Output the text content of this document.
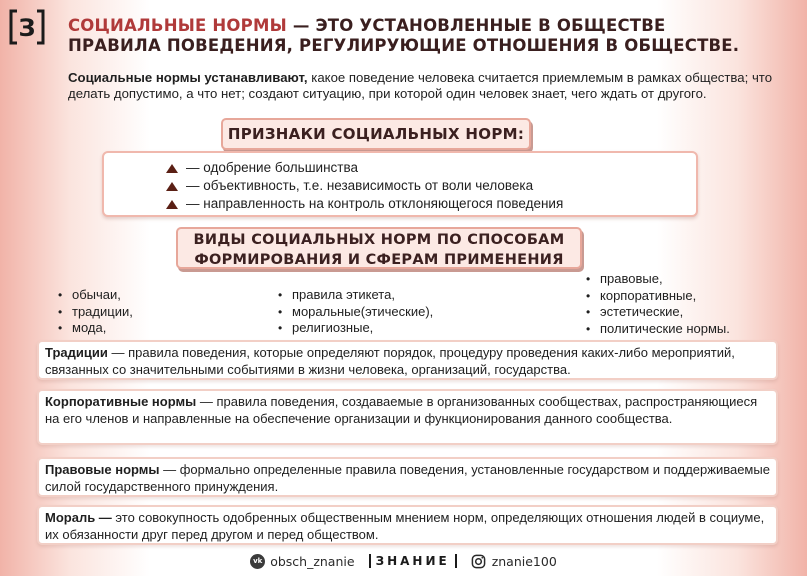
З СОЦИАЛЬНЫЕ НОРМЫ — ЭТО УСТАНОВЛЕННЫЕ В ОБЩЕСТВЕ ПРАВИЛА ПОВЕДЕНИЯ, РЕГУЛИРУЮЩИЕ ОТНОШЕНИЯ В ОБЩЕСТВЕ.
Социальные нормы устанавливают, какое поведение человека считается приемлемым в рамках общества; что делать допустимо, а что нет; создают ситуацию, при которой один человек знает, чего ждать от другого.
ПРИЗНАКИ СОЦИАЛЬНЫХ НОРМ:
— одобрение большинства
— объективность, т.е. независимость от воли человека
— направленность на контроль отклоняющегося поведения
ВИДЫ СОЦИАЛЬНЫХ НОРМ ПО СПОСОБАМ
ФОРМИРОВАНИЯ И СФЕРАМ ПРИМЕНЕНИЯ
• обычаи,
• традиции,
• мода,
• правила этикета,
• моральные(этические),
• религиозные,
• правовые,
• корпоративные,
• эстетические,
• политические нормы.
Традиции — правила поведения, которые определяют порядок, процедуру проведения каких-либо мероприятий, связанных со значительными событиями в жизни человека, организаций, государства.
Корпоративные нормы — правила поведения, создаваемые в организованных сообществах, распространяющиеся на его членов и направленные на обеспечение организации и функционирования данного сообщества.
Правовые нормы — формально определенные правила поведения, установленные государством и поддерживаемые силой государственного принуждения.
Мораль — это совокупность одобренных общественным мнением норм, определяющих отношения людей в социуме, их обязанности друг перед другом и перед обществом.
vk obsch_znanie	ЗНАНИЕ	znanie100
